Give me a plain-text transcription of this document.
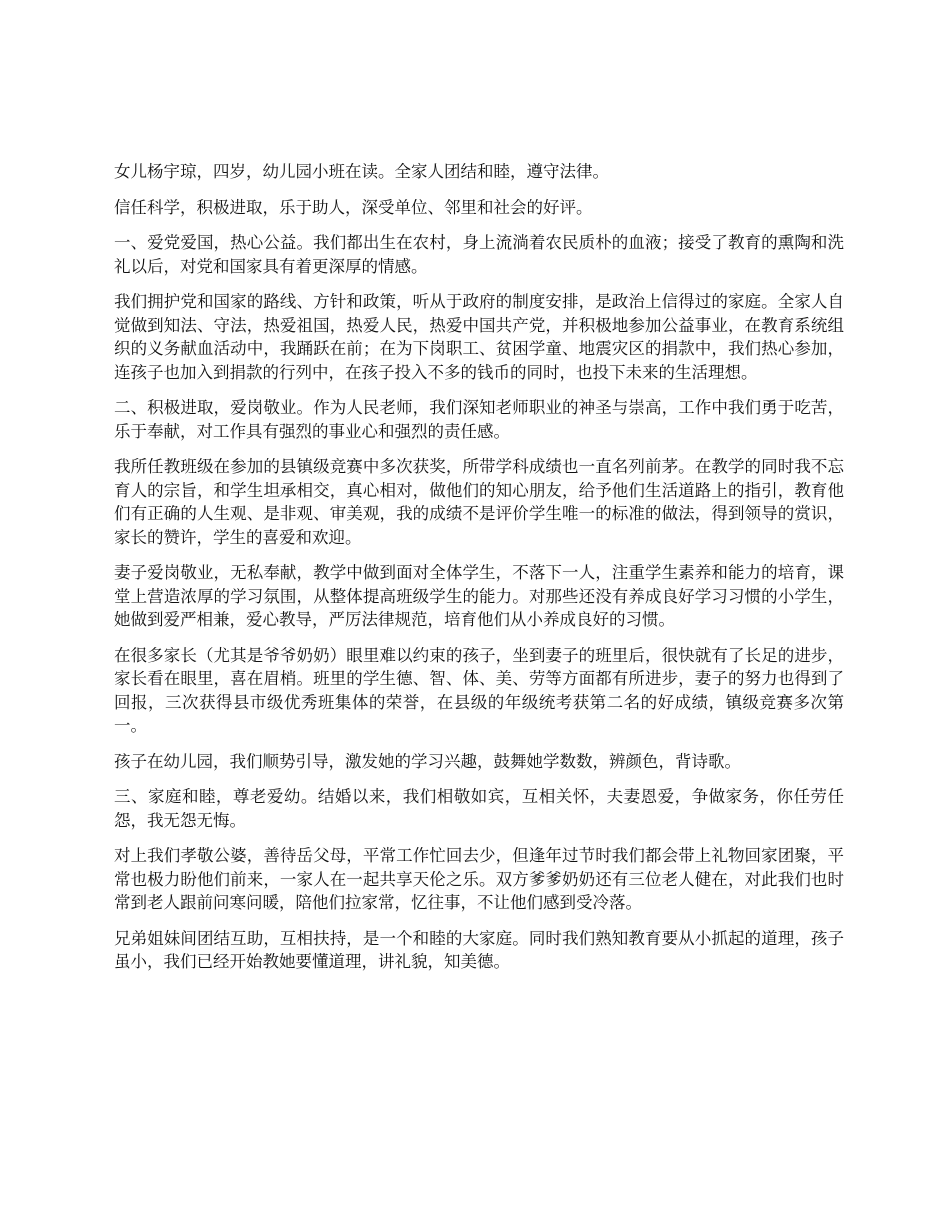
女儿杨宇琼，四岁，幼儿园小班在读。全家人团结和睦，遵守法律。

信任科学，积极进取，乐于助人，深受单位、邻里和社会的好评。

一、爱党爱国，热心公益。我们都出生在农村，身上流淌着农民质朴的血液；接受了教育的熏陶和洗礼以后，对党和国家具有着更深厚的情感。

我们拥护党和国家的路线、方针和政策，听从于政府的制度安排，是政治上信得过的家庭。全家人自觉做到知法、守法，热爱祖国，热爱人民，热爱中国共产党，并积极地参加公益事业，在教育系统组织的义务献血活动中，我踊跃在前；在为下岗职工、贫困学童、地震灾区的捐款中，我们热心参加，连孩子也加入到捐款的行列中，在孩子投入不多的钱币的同时，也投下未来的生活理想。

二、积极进取，爱岗敬业。作为人民老师，我们深知老师职业的神圣与崇高，工作中我们勇于吃苦，乐于奉献，对工作具有强烈的事业心和强烈的责任感。

我所任教班级在参加的县镇级竞赛中多次获奖，所带学科成绩也一直名列前茅。在教学的同时我不忘育人的宗旨，和学生坦承相交，真心相对，做他们的知心朋友，给予他们生活道路上的指引，教育他们有正确的人生观、是非观、审美观，我的成绩不是评价学生唯一的标准的做法，得到领导的赏识，家长的赞许，学生的喜爱和欢迎。

妻子爱岗敬业，无私奉献，教学中做到面对全体学生，不落下一人，注重学生素养和能力的培育，课堂上营造浓厚的学习氛围，从整体提高班级学生的能力。对那些还没有养成良好学习习惯的小学生，她做到爱严相兼，爱心教导，严厉法律规范，培育他们从小养成良好的习惯。

在很多家长（尤其是爷爷奶奶）眼里难以约束的孩子，坐到妻子的班里后，很快就有了长足的进步，家长看在眼里，喜在眉梢。班里的学生德、智、体、美、劳等方面都有所进步，妻子的努力也得到了回报，三次获得县市级优秀班集体的荣誉，在县级的年级统考获第二名的好成绩，镇级竞赛多次第一。

孩子在幼儿园，我们顺势引导，激发她的学习兴趣，鼓舞她学数数，辨颜色，背诗歌。

三、家庭和睦，尊老爱幼。结婚以来，我们相敬如宾，互相关怀，夫妻恩爱，争做家务，你任劳任怨，我无怨无悔。

对上我们孝敬公婆，善待岳父母，平常工作忙回去少，但逢年过节时我们都会带上礼物回家团聚，平常也极力盼他们前来，一家人在一起共享天伦之乐。双方爹爹奶奶还有三位老人健在，对此我们也时常到老人跟前问寒问暖，陪他们拉家常，忆往事，不让他们感到受冷落。

兄弟姐妹间团结互助，互相扶持，是一个和睦的大家庭。同时我们熟知教育要从小抓起的道理，孩子虽小，我们已经开始教她要懂道理，讲礼貌，知美德。
